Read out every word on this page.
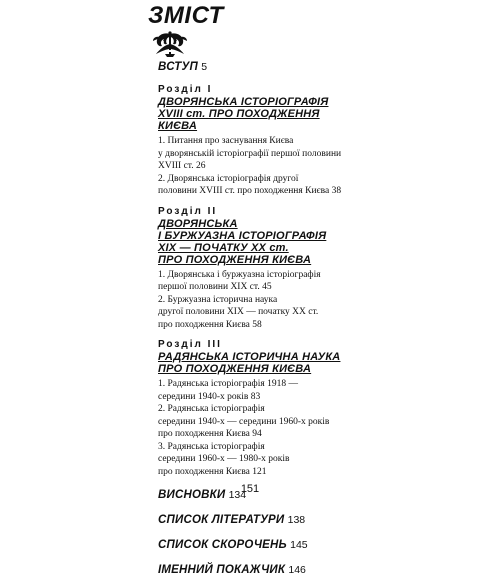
ЗМІСТ
ВСТУП 5
Розділ І
ДВОРЯНСЬКА ІСТОРІОГРАФІЯ
XVIII ст. ПРО ПОХОДЖЕННЯ
КИЄВА
1. Питання про заснування Києва
у дворянській історіографії першої половини
XVIII ст. 26
2. Дворянська історіографія другої
половини XVIII ст. про походження Києва 38
Розділ ІІ
ДВОРЯНСЬКА
І БУРЖУАЗНА ІСТОРІОГРАФІЯ
XIX — ПОЧАТКУ XX ст.
ПРО ПОХОДЖЕННЯ КИЄВА
1. Дворянська і буржуазна історіографія
першої половини XIX ст. 45
2. Буржуазна історична наука
другої половини XIX — початку XX ст.
про походження Києва 58
Розділ ІІІ
РАДЯНСЬКА ІСТОРИЧНА НАУКА
ПРО ПОХОДЖЕННЯ КИЄВА
1. Радянська історіографія 1918 —
середини 1940-х років 83
2. Радянська історіографія
середини 1940-х — середини 1960-х років
про походження Києва 94
3. Радянська історіографія
середини 1960-х — 1980-х років
про походження Києва 121
ВИСНОВКИ 134
СПИСОК ЛІТЕРАТУРИ 138
СПИСОК СКОРОЧЕНЬ 145
ІМЕННИЙ ПОКАЖЧИК 146
151
